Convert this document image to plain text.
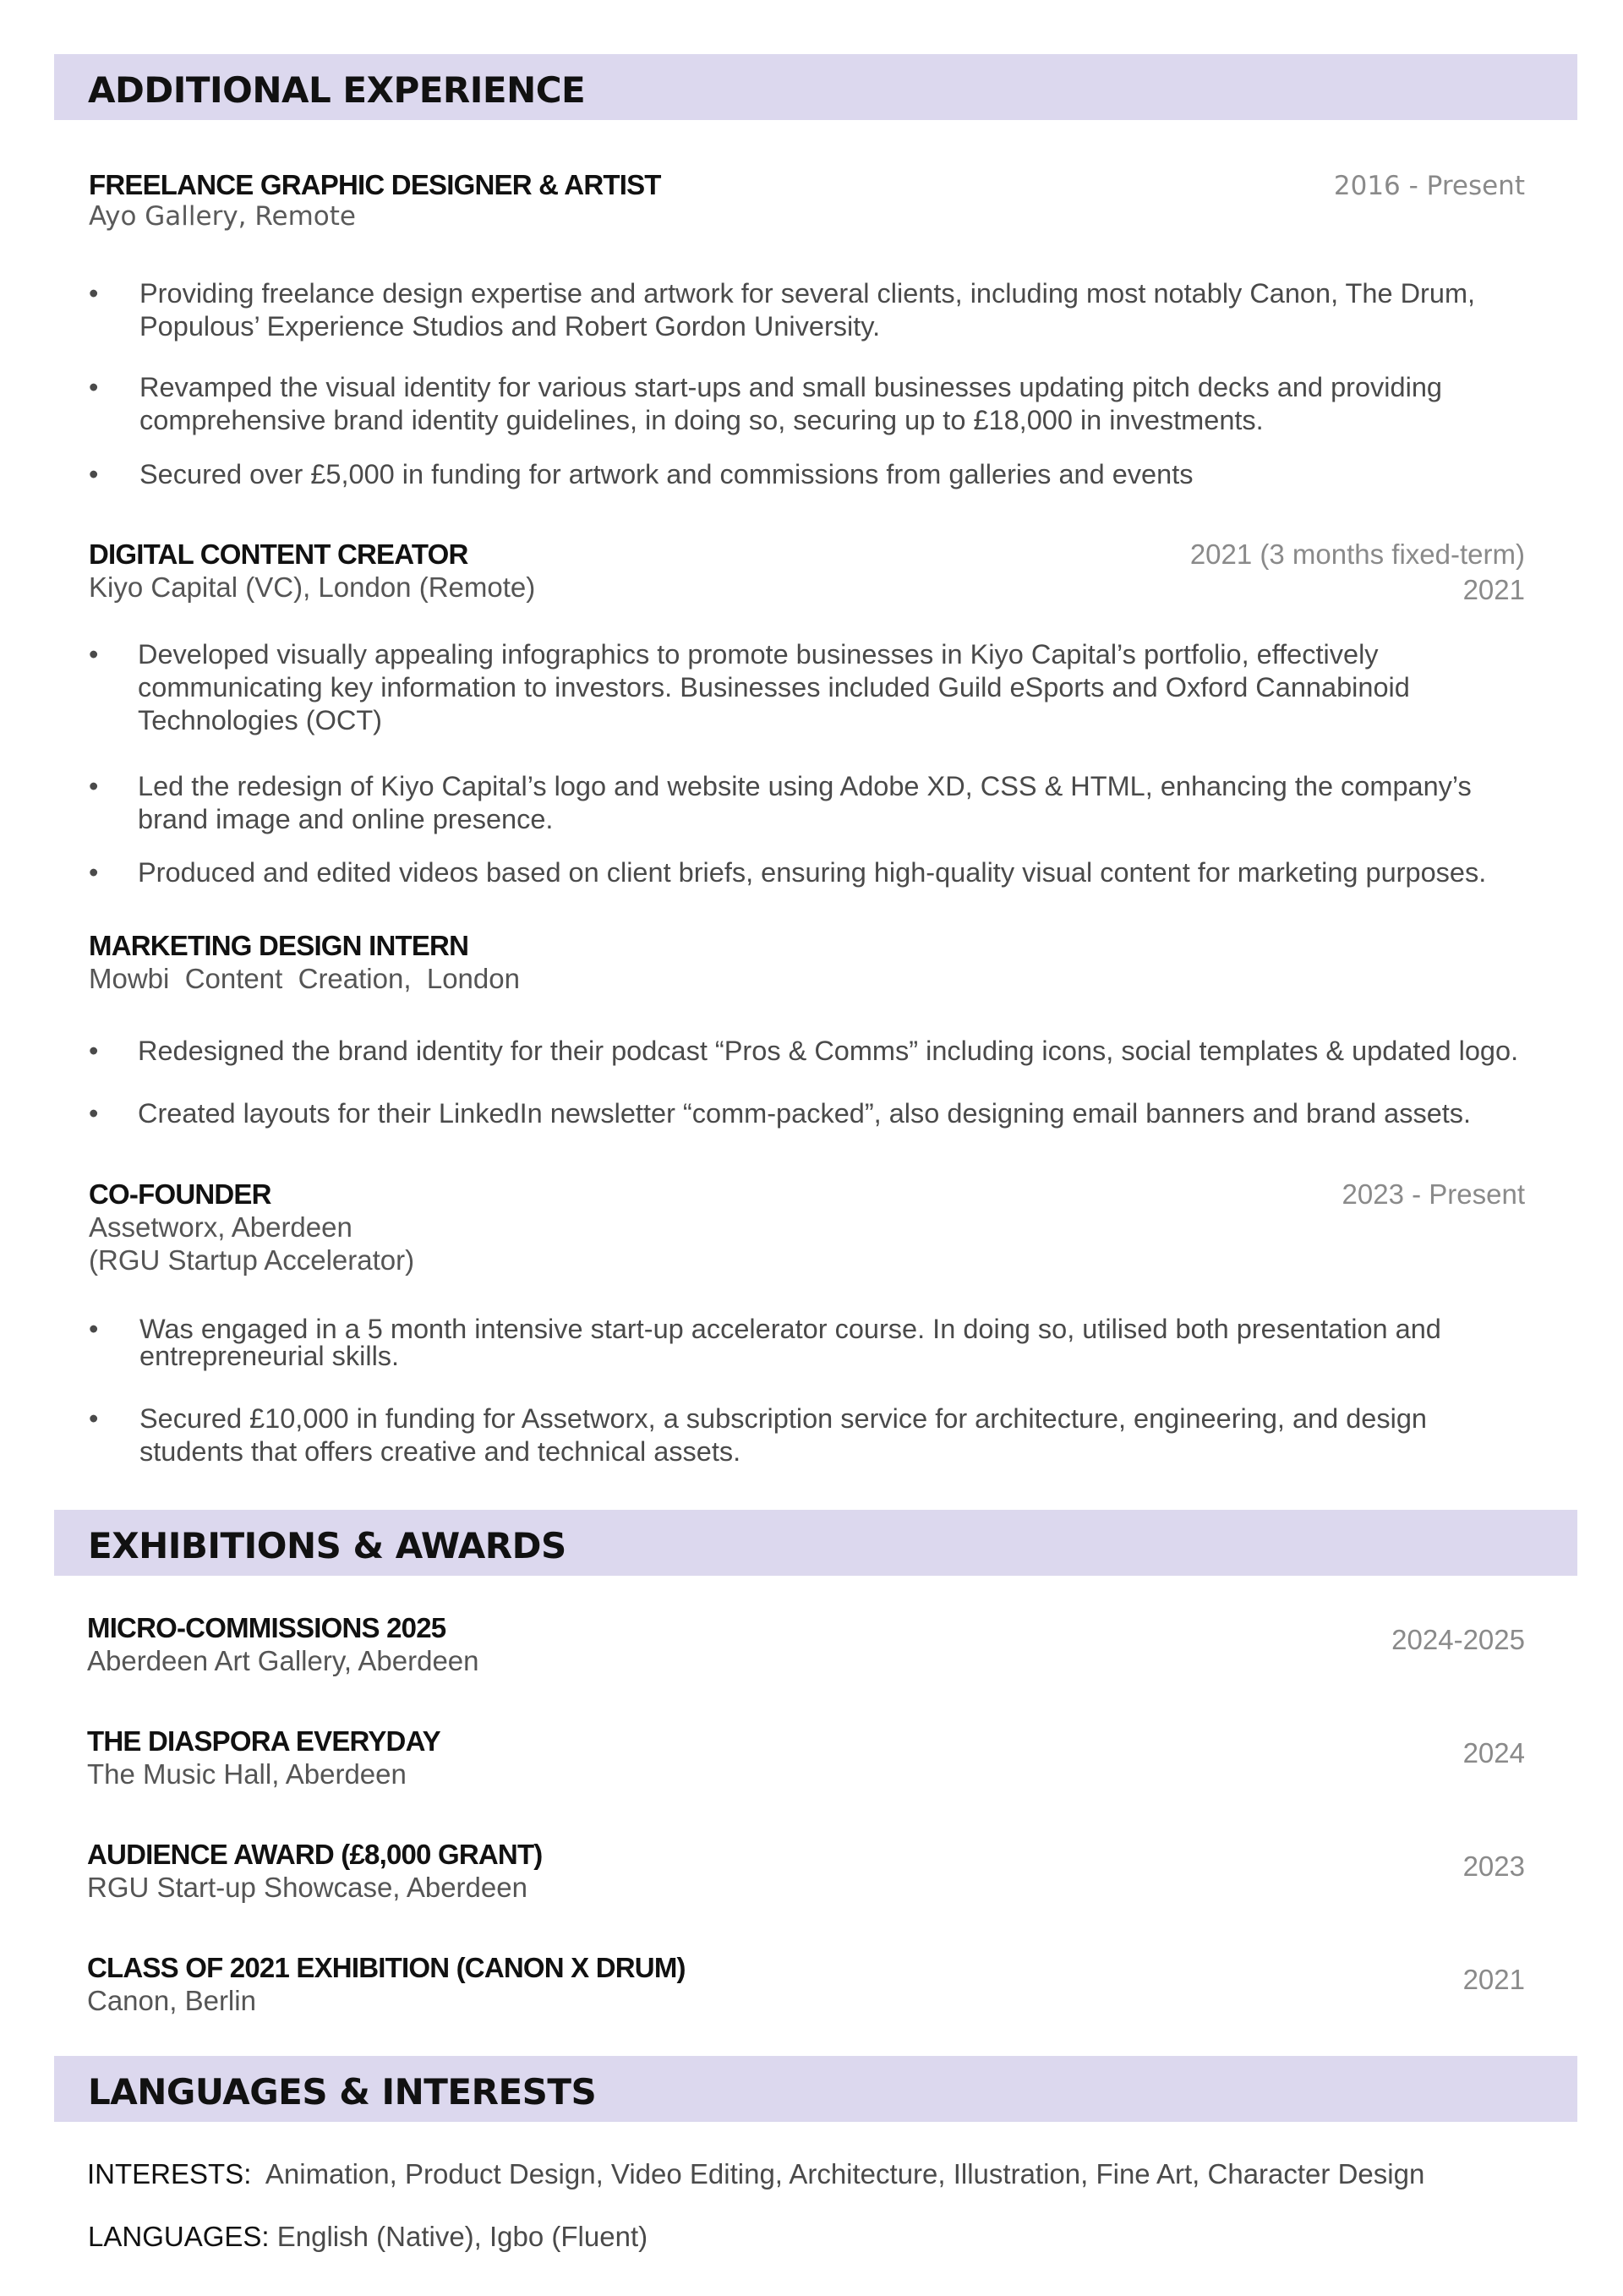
ADDITIONAL EXPERIENCE
FREELANCE GRAPHIC DESIGNER & ARTIST
Ayo Gallery, Remote
2016 - Present
•	Providing freelance design expertise and artwork for several clients, including most notably Canon, The Drum, Populous’ Experience Studios and Robert Gordon University.
•	Revamped the visual identity for various start-ups and small businesses updating pitch decks and providing comprehensive brand identity guidelines, in doing so, securing up to £18,000 in investments.
•	Secured over £5,000 in funding for artwork and commissions from galleries and events
DIGITAL CONTENT CREATOR
Kiyo Capital (VC), London (Remote)
2021 (3 months fixed-term)
2021
•	Developed visually appealing infographics to promote businesses in Kiyo Capital’s portfolio, effectively communicating key information to investors. Businesses included Guild eSports and Oxford Cannabinoid Technologies (OCT)
•	Led the redesign of Kiyo Capital’s logo and website using Adobe XD, CSS & HTML, enhancing the company’s brand image and online presence.
•	Produced and edited videos based on client briefs, ensuring high-quality visual content for marketing purposes.
MARKETING DESIGN INTERN
Mowbi  Content  Creation,  London
•	Redesigned the brand identity for their podcast “Pros & Comms” including icons, social templates & updated logo.
•	Created layouts for their LinkedIn newsletter “comm-packed”, also designing email banners and brand assets.
CO-FOUNDER
Assetworx, Aberdeen
(RGU Startup Accelerator)
2023 - Present
•	Was engaged in a 5 month intensive start-up accelerator course. In doing so, utilised both presentation and entrepreneurial skills.
•	Secured £10,000 in funding for Assetworx, a subscription service for architecture, engineering, and design students that offers creative and technical assets.
EXHIBITIONS & AWARDS
MICRO-COMMISSIONS 2025
Aberdeen Art Gallery, Aberdeen
2024-2025
THE DIASPORA EVERYDAY
The Music Hall, Aberdeen
2024
AUDIENCE AWARD (£8,000 GRANT)
RGU Start-up Showcase, Aberdeen
2023
CLASS OF 2021 EXHIBITION (CANON X DRUM)
Canon, Berlin
2021
LANGUAGES & INTERESTS
INTERESTS: Animation, Product Design, Video Editing, Architecture, Illustration, Fine Art, Character Design
LANGUAGES: English (Native), Igbo (Fluent)
